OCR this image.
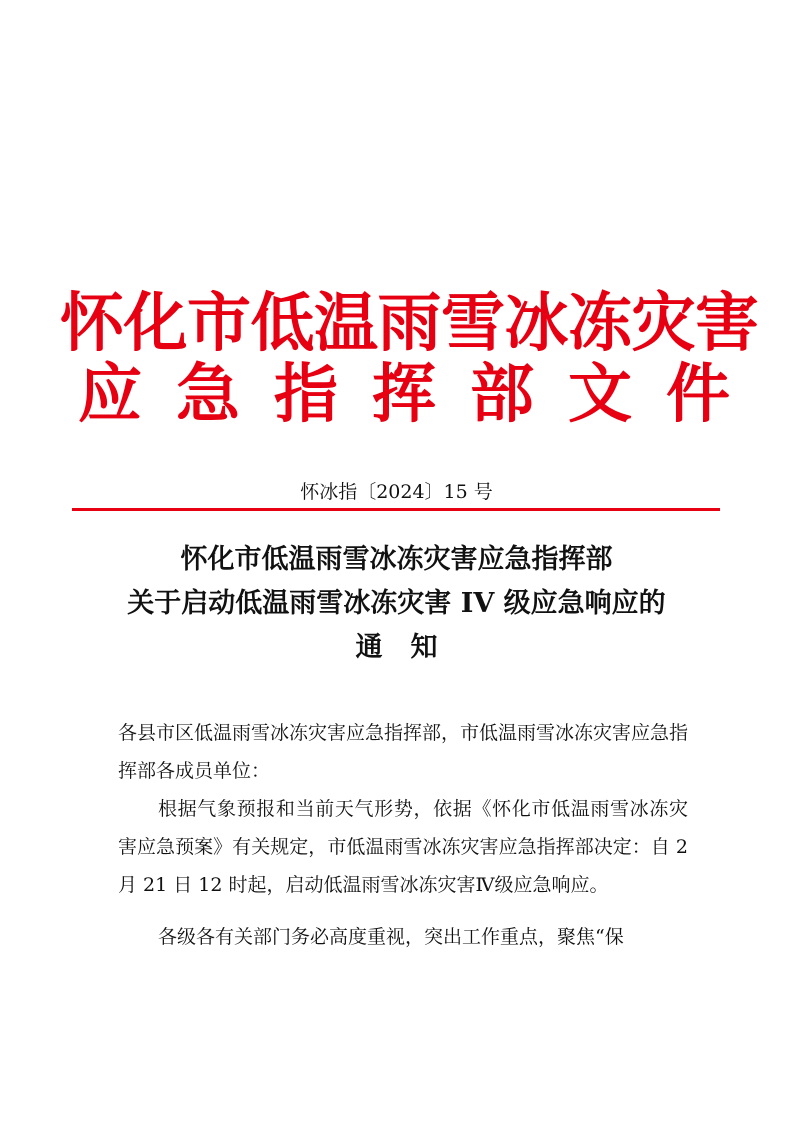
怀化市低温雨雪冰冻灾害
应急指挥部文件
怀冰指〔2024〕15 号
怀化市低温雨雪冰冻灾害应急指挥部
关于启动低温雨雪冰冻灾害 IV 级应急响应的
通知

各县市区低温雨雪冰冻灾害应急指挥部，市低温雨雪冰冻灾害应急指挥部各成员单位：

根据气象预报和当前天气形势，依据《怀化市低温雨雪冰冻灾害应急预案》有关规定，市低温雨雪冰冻灾害应急指挥部决定：自 2 月 21 日 12 时起，启动低温雨雪冰冻灾害Ⅳ级应急响应。

各级各有关部门务必高度重视，突出工作重点，聚焦“保
